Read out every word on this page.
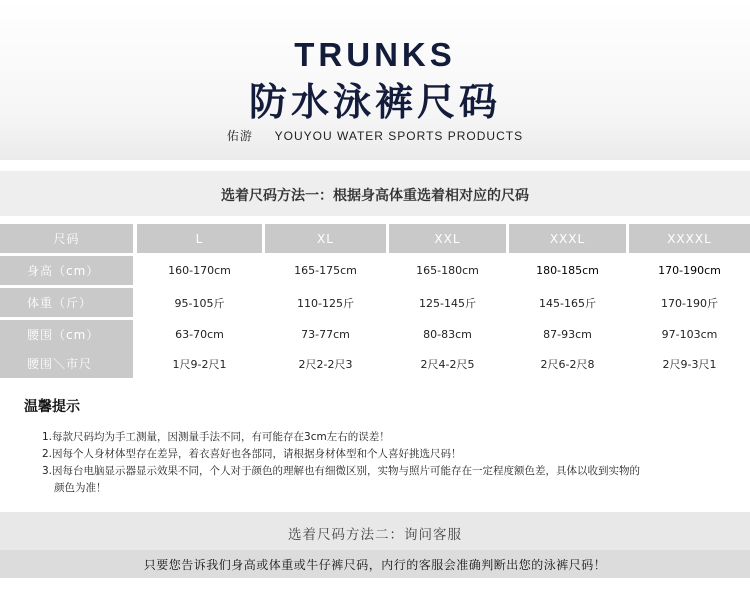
TRUNKS
防水泳裤尺码
佑游 YOUYOU WATER SPORTS PRODUCTS
选着尺码方法一：根据身高体重选着相对应的尺码
尺码	L	XL	XXL	XXXL	XXXXL
身高（cm）	160-170cm	165-175cm	165-180cm	180-185cm	170-190cm
体重（斤）	95-105斤	110-125斤	125-145斤	145-165斤	170-190斤
腰围（cm）	63-70cm	73-77cm	80-83cm	87-93cm	97-103cm
腰围＼市尺	1尺9-2尺1	2尺2-2尺3	2尺4-2尺5	2尺6-2尺8	2尺9-3尺1
温馨提示

1.每款尺码均为手工测量，因测量手法不同，有可能存在3cm左右的误差！

2.因每个人身材体型存在差异，着衣喜好也各部同，请根据身材体型和个人喜好挑选尺码！

3.因每台电脑显示器显示效果不同，个人对于颜色的理解也有细微区别，实物与照片可能存在一定程度额色差，具体以收到实物的

颜色为准！

选着尺码方法二：询问客服
只要您告诉我们身高或体重或牛仔裤尺码，内行的客服会准确判断出您的泳裤尺码！
